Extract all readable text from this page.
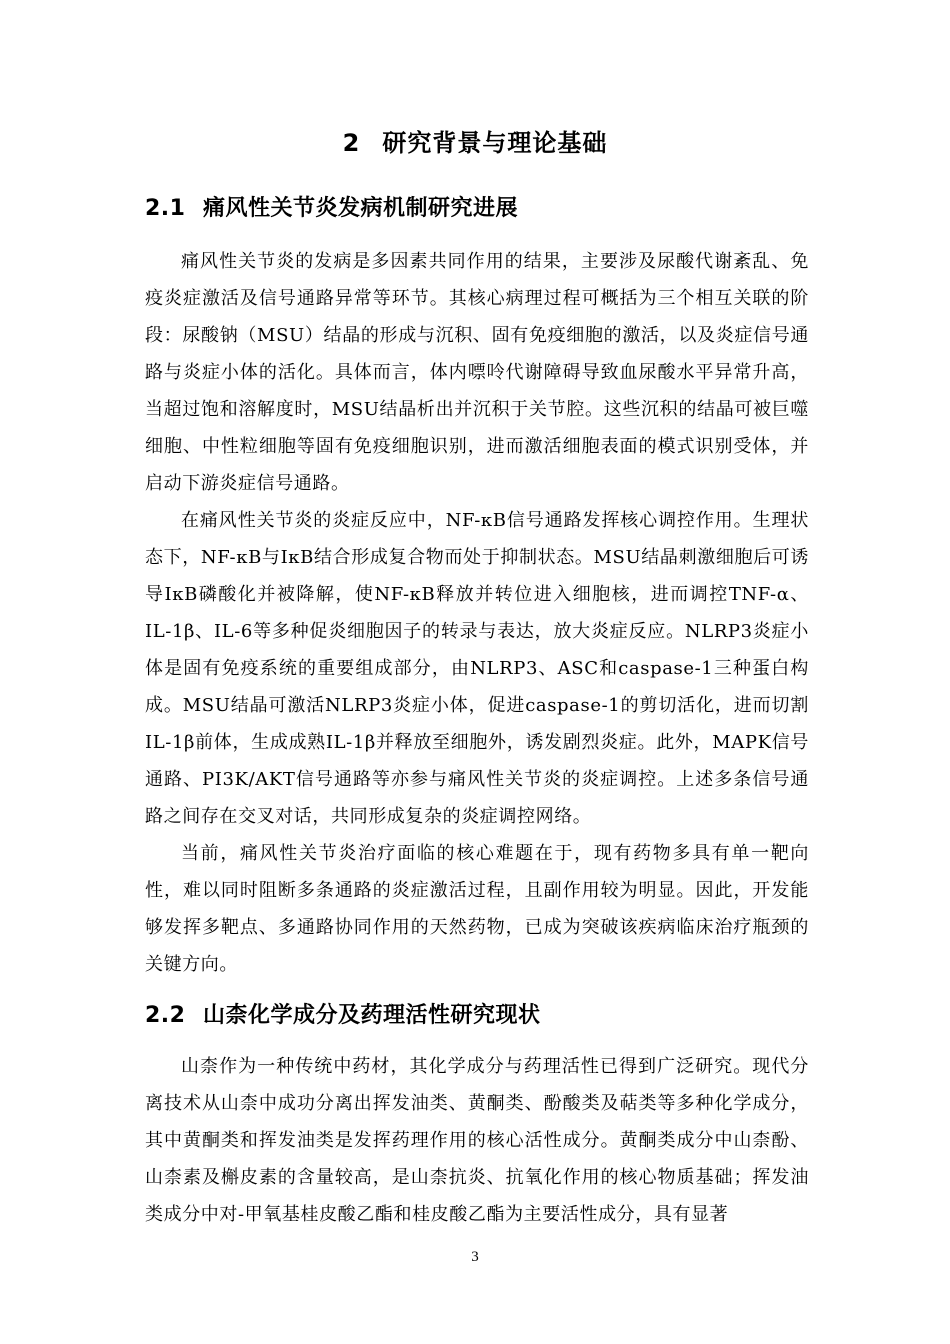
2 研究背景与理论基础
2.1 痛风性关节炎发病机制研究进展

痛风性关节炎的发病是多因素共同作用的结果，主要涉及尿酸代谢紊乱、免疫炎症激活及信号通路异常等环节。其核心病理过程可概括为三个相互关联的阶段：尿酸钠（MSU）结晶的形成与沉积、固有免疫细胞的激活，以及炎症信号通路与炎症小体的活化。具体而言，体内嘌呤代谢障碍导致血尿酸水平异常升高，当超过饱和溶解度时，MSU结晶析出并沉积于关节腔。这些沉积的结晶可被巨噬细胞、中性粒细胞等固有免疫细胞识别，进而激活细胞表面的模式识别受体，并启动下游炎症信号通路。

在痛风性关节炎的炎症反应中，NF-κB信号通路发挥核心调控作用。生理状态下，NF-κB与IκB结合形成复合物而处于抑制状态。MSU结晶刺激细胞后可诱导IκB磷酸化并被降解，使NF-κB释放并转位进入细胞核，进而调控TNF-α、IL-1β、IL-6等多种促炎细胞因子的转录与表达，放大炎症反应。NLRP3炎症小体是固有免疫系统的重要组成部分，由NLRP3、ASC和caspase-1三种蛋白构成。MSU结晶可激活NLRP3炎症小体，促进caspase-1的剪切活化，进而切割IL-1β前体，生成成熟IL-1β并释放至细胞外，诱发剧烈炎症。此外，MAPK信号通路、PI3K/AKT信号通路等亦参与痛风性关节炎的炎症调控。上述多条信号通路之间存在交叉对话，共同形成复杂的炎症调控网络。

当前，痛风性关节炎治疗面临的核心难题在于，现有药物多具有单一靶向性，难以同时阻断多条通路的炎症激活过程，且副作用较为明显。因此，开发能够发挥多靶点、多通路协同作用的天然药物，已成为突破该疾病临床治疗瓶颈的关键方向。

2.2 山柰化学成分及药理活性研究现状

山柰作为一种传统中药材，其化学成分与药理活性已得到广泛研究。现代分离技术从山柰中成功分离出挥发油类、黄酮类、酚酸类及萜类等多种化学成分，其中黄酮类和挥发油类是发挥药理作用的核心活性成分。黄酮类成分中山柰酚、山柰素及槲皮素的含量较高，是山柰抗炎、抗氧化作用的核心物质基础；挥发油类成分中对-甲氧基桂皮酸乙酯和桂皮酸乙酯为主要活性成分，具有显著

3
